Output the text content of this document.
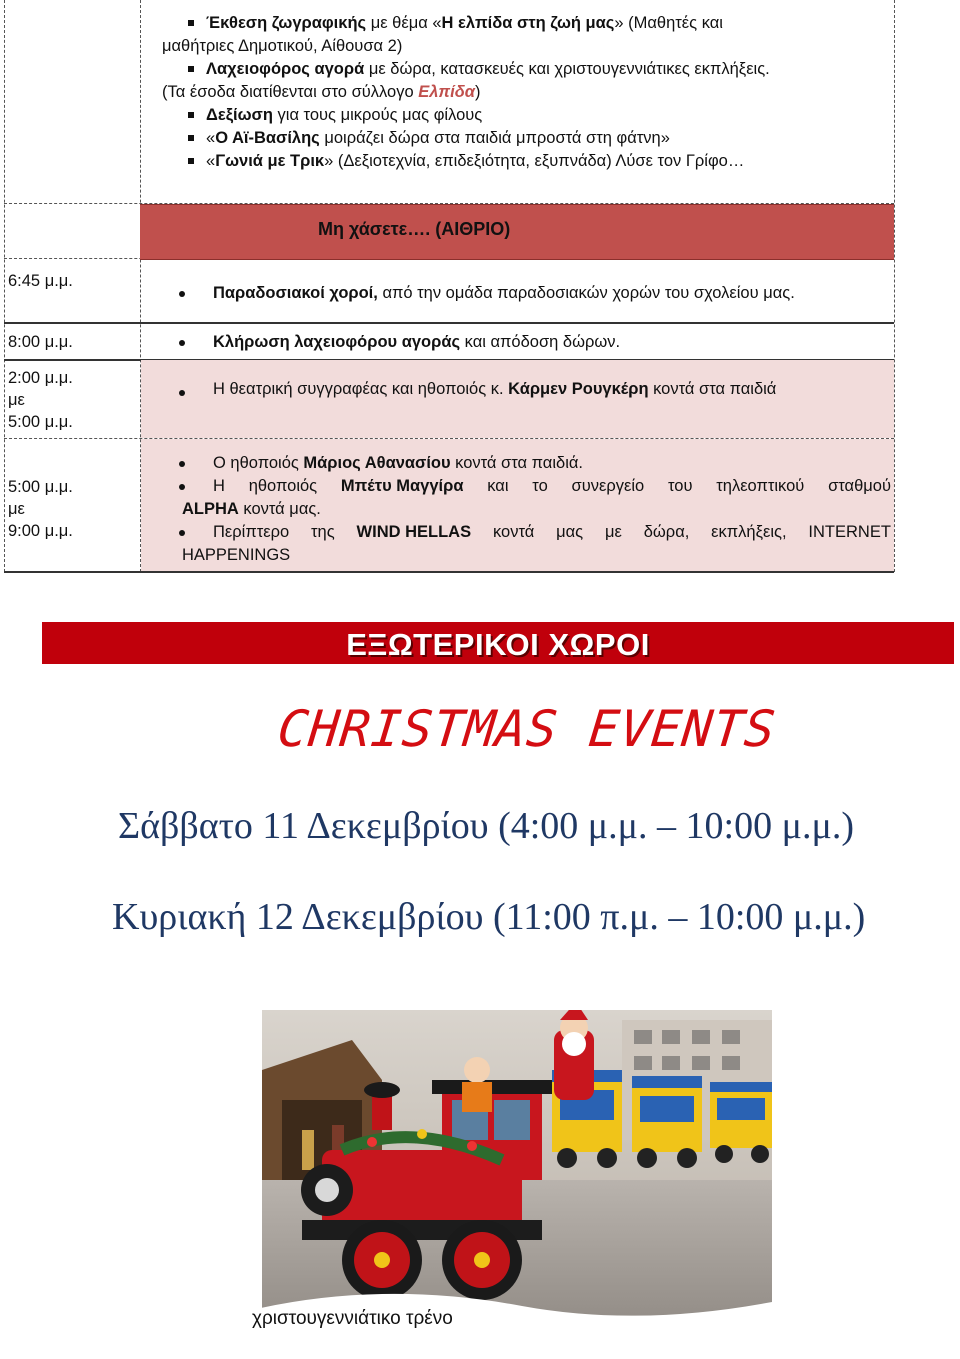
Έκθεση ζωγραφικής με θέμα «Η ελπίδα στη ζωή μας» (Μαθητές και
μαθήτριες Δημοτικού, Αίθουσα 2)
Λαχειοφόρος αγορά με δώρα, κατασκευές και χριστουγεννιάτικες εκπλήξεις.
(Τα έσοδα διατίθενται στο σύλλογο Ελπίδα)
Δεξίωση για τους μικρούς μας φίλους
«Ο Αϊ-Βασίλης μοιράζει δώρα στα παιδιά μπροστά στη φάτνη»
«Γωνιά με Τρικ» (Δεξιοτεχνία, επιδεξιότητα, εξυπνάδα) Λύσε τον Γρίφο…
Μη χάσετε…. (ΑΙΘΡΙΟ)
6:45 μ.μ.
Παραδοσιακοί χοροί, από την ομάδα παραδοσιακών χορών του σχολείου μας.
8:00 μ.μ.	Κλήρωση λαχειοφόρου αγοράς και απόδοση δώρων.
2:00 μ.μ.
με
5:00 μ.μ.
Η θεατρική συγγραφέας και ηθοποιός κ. Κάρμεν Ρουγκέρη κοντά στα παιδιά
5:00 μ.μ.
με
9:00 μ.μ.
Ο ηθοποιός Μάριος Αθανασίου κοντά στα παιδιά.
Η ηθοποιός Μπέτυ Μαγγίρα και το συνεργείο του τηλεοπτικού σταθμού
ALPHA κοντά μας.
Περίπτερο της WIND HELLAS κοντά μας με δώρα, εκπλήξεις, INTERNET
HAPPENINGS
ΕΞΩΤΕΡΙΚΟΙ ΧΩΡΟΙ
CHRISTMAS EVENTS
Σάββατο 11 Δεκεμβρίου (4:00 μ.μ. – 10:00 μ.μ.)
Κυριακή 12 Δεκεμβρίου (11:00 π.μ. – 10:00 μ.μ.)
χριστουγεννιάτικο τρένο
